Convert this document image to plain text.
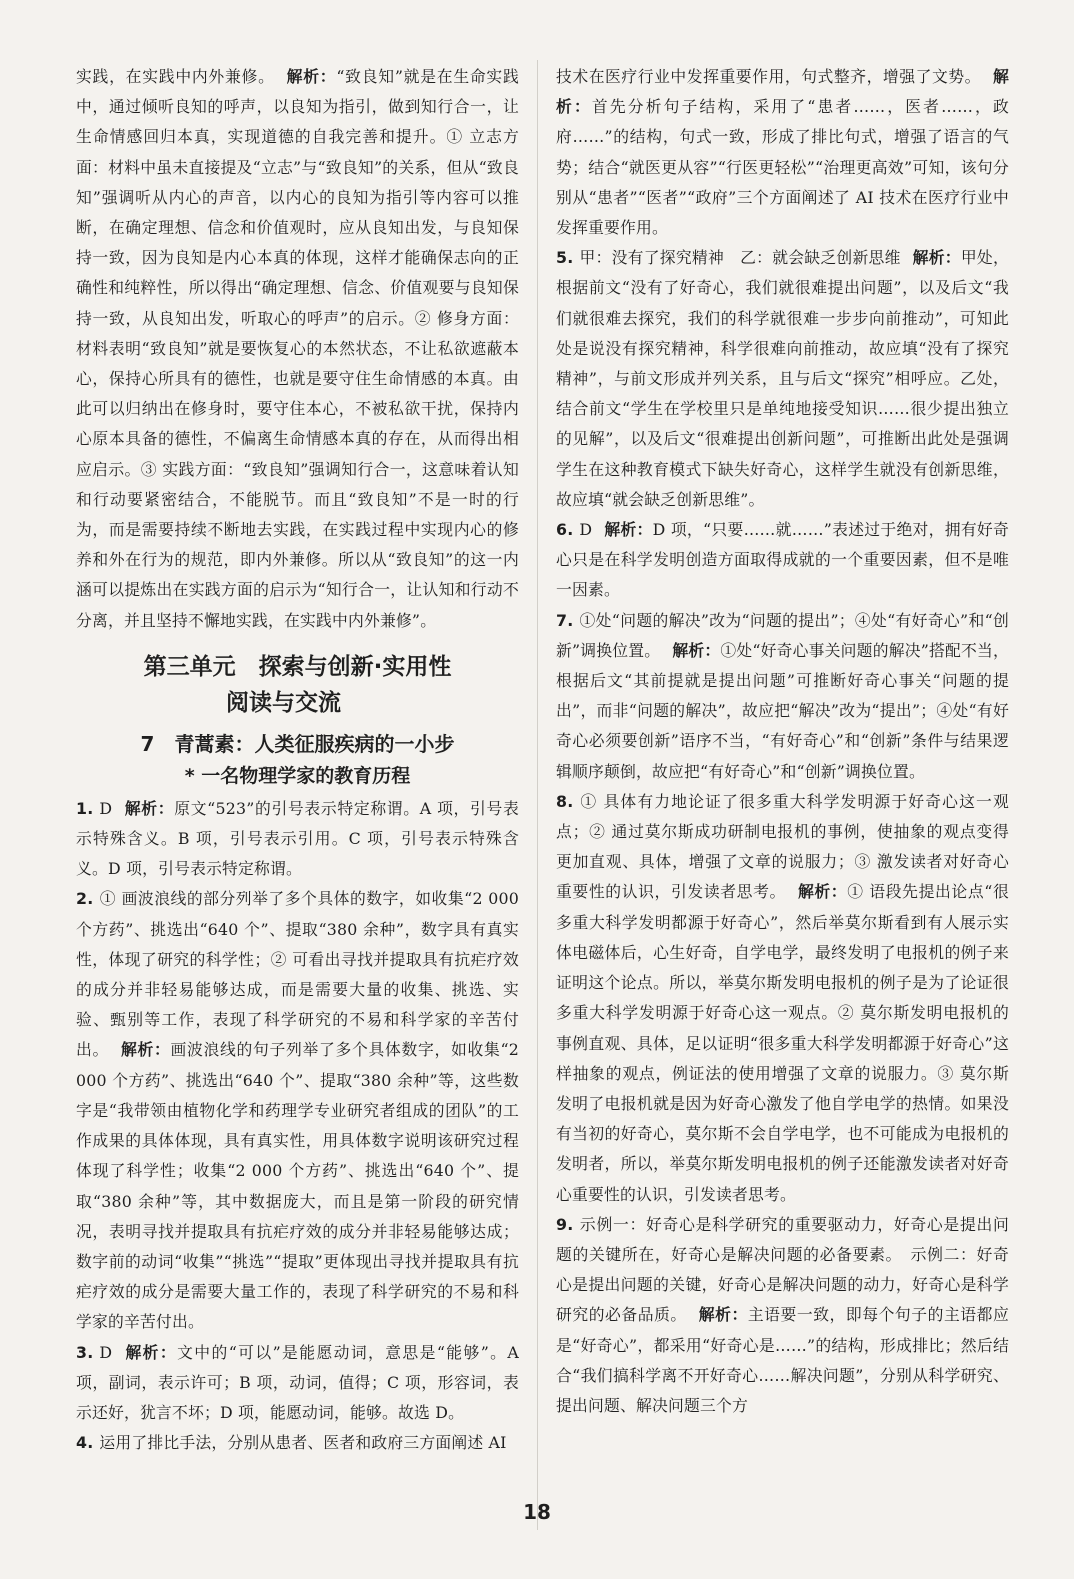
实践，在实践中内外兼修。 解析：“致良知”就是在生命实践中，通过倾听良知的呼声，以良知为指引，做到知行合一，让生命情感回归本真，实现道德的自我完善和提升。① 立志方面：材料中虽未直接提及“立志”与“致良知”的关系，但从“致良知”强调听从内心的声音，以内心的良知为指引等内容可以推断，在确定理想、信念和价值观时，应从良知出发，与良知保持一致，因为良知是内心本真的体现，这样才能确保志向的正确性和纯粹性，所以得出“确定理想、信念、价值观要与良知保持一致，从良知出发，听取心的呼声”的启示。② 修身方面：材料表明“致良知”就是要恢复心的本然状态，不让私欲遮蔽本心，保持心所具有的德性，也就是要守住生命情感的本真。由此可以归纳出在修身时，要守住本心，不被私欲干扰，保持内心原本具备的德性，不偏离生命情感本真的存在，从而得出相应启示。③ 实践方面：“致良知”强调知行合一，这意味着认知和行动要紧密结合，不能脱节。而且“致良知”不是一时的行为，而是需要持续不断地去实践，在实践过程中实现内心的修养和外在行为的规范，即内外兼修。所以从“致良知”的这一内涵可以提炼出在实践方面的启示为“知行合一，让认知和行动不分离，并且坚持不懈地实践，在实践中内外兼修”。

第三单元　探索与创新·实用性
阅读与交流
7　青蒿素：人类征服疾病的一小步
* 一名物理学家的教育历程

1. D 解析：原文“523”的引号表示特定称谓。A 项，引号表示特殊含义。B 项，引号表示引用。C 项，引号表示特殊含义。D 项，引号表示特定称谓。

2. ① 画波浪线的部分列举了多个具体的数字，如收集“2 000 个方药”、挑选出“640 个”、提取“380 余种”，数字具有真实性，体现了研究的科学性；② 可看出寻找并提取具有抗疟疗效的成分并非轻易能够达成，而是需要大量的收集、挑选、实验、甄别等工作，表现了科学研究的不易和科学家的辛苦付出。 解析：画波浪线的句子列举了多个具体数字，如收集“2 000 个方药”、挑选出“640 个”、提取“380 余种”等，这些数字是“我带领由植物化学和药理学专业研究者组成的团队”的工作成果的具体体现，具有真实性，用具体数字说明该研究过程体现了科学性；收集“2 000 个方药”、挑选出“640 个”、提取“380 余种”等，其中数据庞大，而且是第一阶段的研究情况，表明寻找并提取具有抗疟疗效的成分并非轻易能够达成；数字前的动词“收集”“挑选”“提取”更体现出寻找并提取具有抗疟疗效的成分是需要大量工作的，表现了科学研究的不易和科学家的辛苦付出。

3. D 解析：文中的“可以”是能愿动词，意思是“能够”。A 项，副词，表示许可；B 项，动词，值得；C 项，形容词，表示还好，犹言不坏；D 项，能愿动词，能够。故选 D。

4. 运用了排比手法，分别从患者、医者和政府三方面阐述 AI

技术在医疗行业中发挥重要作用，句式整齐，增强了文势。 解析：首先分析句子结构，采用了“患者……，医者……，政府……”的结构，句式一致，形成了排比句式，增强了语言的气势；结合“就医更从容”“行医更轻松”“治理更高效”可知，该句分别从“患者”“医者”“政府”三个方面阐述了 AI 技术在医疗行业中发挥重要作用。

5. 甲：没有了探究精神　乙：就会缺乏创新思维 解析：甲处，根据前文“没有了好奇心，我们就很难提出问题”，以及后文“我们就很难去探究，我们的科学就很难一步步向前推动”，可知此处是说没有探究精神，科学很难向前推动，故应填“没有了探究精神”，与前文形成并列关系，且与后文“探究”相呼应。乙处，结合前文“学生在学校里只是单纯地接受知识……很少提出独立的见解”，以及后文“很难提出创新问题”，可推断出此处是强调学生在这种教育模式下缺失好奇心，这样学生就没有创新思维，故应填“就会缺乏创新思维”。

6. D 解析：D 项，“只要……就……”表述过于绝对，拥有好奇心只是在科学发明创造方面取得成就的一个重要因素，但不是唯一因素。

7. ①处“问题的解决”改为“问题的提出”；④处“有好奇心”和“创新”调换位置。 解析：①处“好奇心事关问题的解决”搭配不当，根据后文“其前提就是提出问题”可推断好奇心事关“问题的提出”，而非“问题的解决”，故应把“解决”改为“提出”；④处“有好奇心必须要创新”语序不当，“有好奇心”和“创新”条件与结果逻辑顺序颠倒，故应把“有好奇心”和“创新”调换位置。

8. ① 具体有力地论证了很多重大科学发明源于好奇心这一观点；② 通过莫尔斯成功研制电报机的事例，使抽象的观点变得更加直观、具体，增强了文章的说服力；③ 激发读者对好奇心重要性的认识，引发读者思考。 解析：① 语段先提出论点“很多重大科学发明都源于好奇心”，然后举莫尔斯看到有人展示实体电磁体后，心生好奇，自学电学，最终发明了电报机的例子来证明这个论点。所以，举莫尔斯发明电报机的例子是为了论证很多重大科学发明源于好奇心这一观点。② 莫尔斯发明电报机的事例直观、具体，足以证明“很多重大科学发明都源于好奇心”这样抽象的观点，例证法的使用增强了文章的说服力。③ 莫尔斯发明了电报机就是因为好奇心激发了他自学电学的热情。如果没有当初的好奇心，莫尔斯不会自学电学，也不可能成为电报机的发明者，所以，举莫尔斯发明电报机的例子还能激发读者对好奇心重要性的认识，引发读者思考。

9. 示例一：好奇心是科学研究的重要驱动力，好奇心是提出问题的关键所在，好奇心是解决问题的必备要素。　示例二：好奇心是提出问题的关键，好奇心是解决问题的动力，好奇心是科学研究的必备品质。 解析：主语要一致，即每个句子的主语都应是“好奇心”，都采用“好奇心是……”的结构，形成排比；然后结合“我们搞科学离不开好奇心……解决问题”，分别从科学研究、提出问题、解决问题三个方

18
